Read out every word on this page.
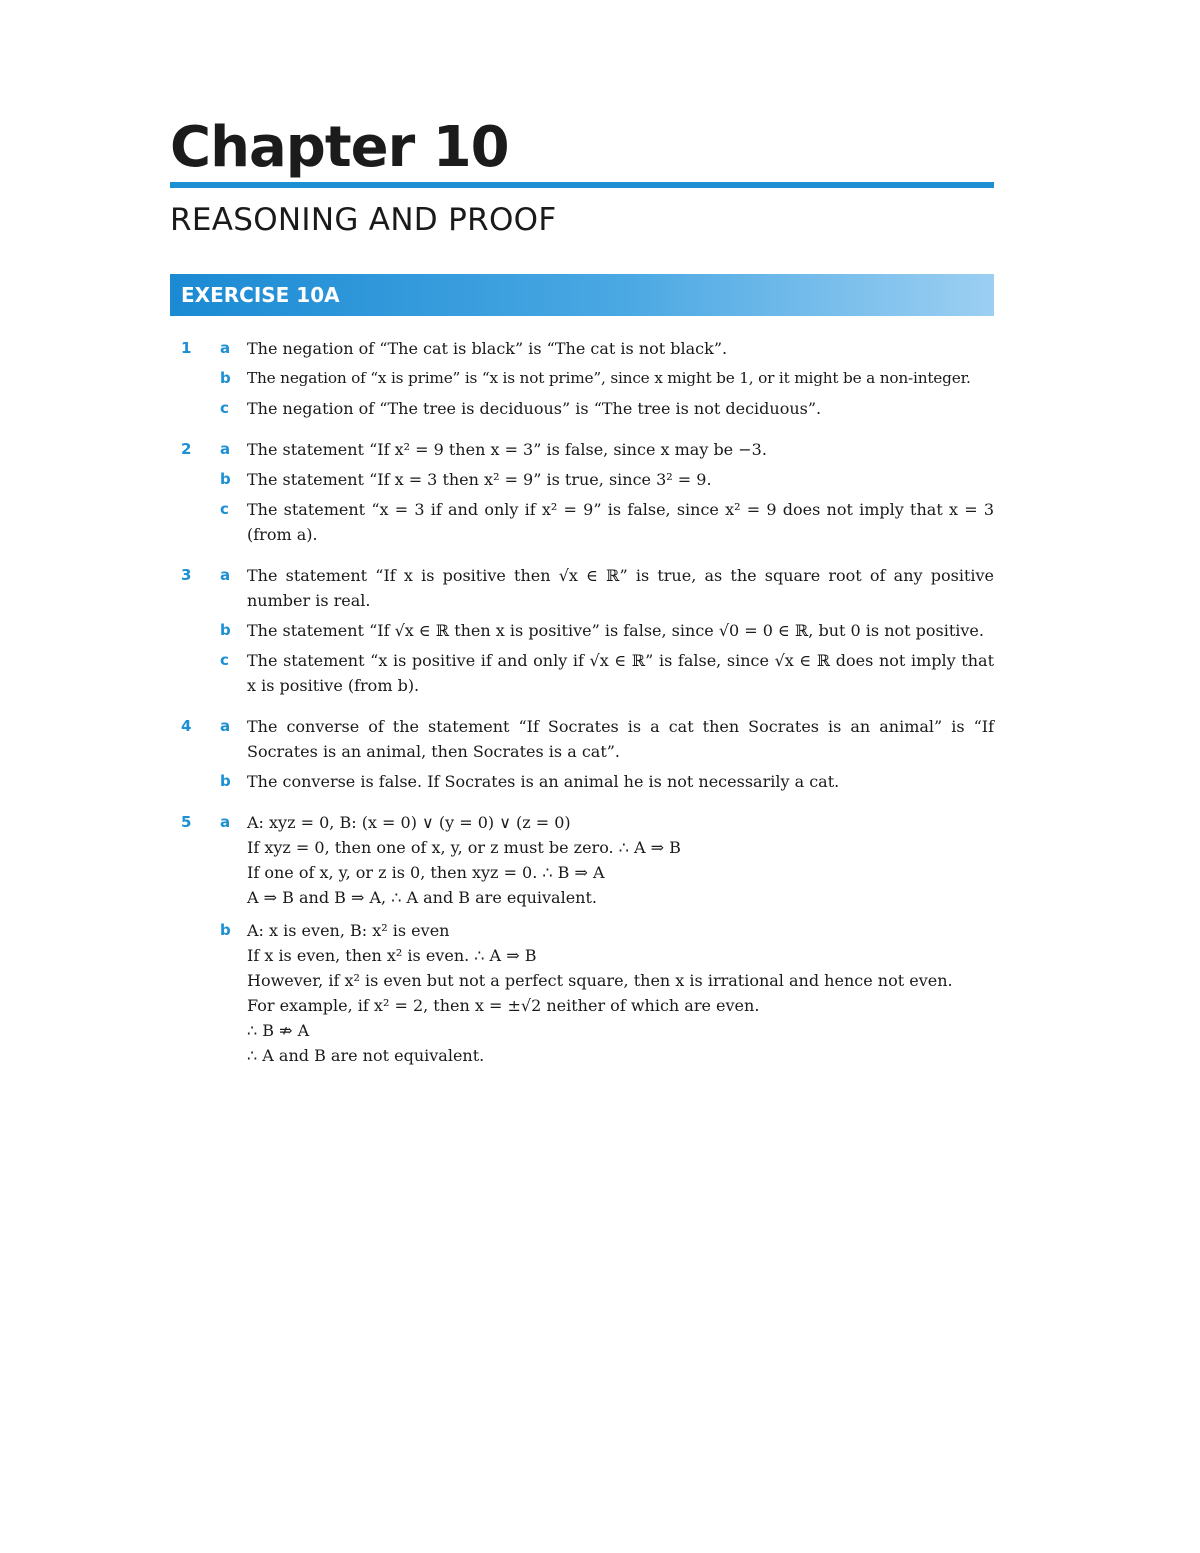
Chapter 10
REASONING AND PROOF
EXERCISE 10A
1	a	The negation of “The cat is black” is “The cat is not black”.
b	The negation of “x is prime” is “x is not prime”, since x might be 1, or it might be a non-integer.
c	The negation of “The tree is deciduous” is “The tree is not deciduous”.
2	a	The statement “If x² = 9 then x = 3” is false, since x may be −3.
b	The statement “If x = 3 then x² = 9” is true, since 3² = 9.
c	The statement “x = 3 if and only if x² = 9” is false, since x² = 9 does not imply that x = 3 (from a).
3	a	The statement “If x is positive then √x ∈ ℝ” is true, as the square root of any positive number is real.
b	The statement “If √x ∈ ℝ then x is positive” is false, since √0 = 0 ∈ ℝ, but 0 is not positive.
c	The statement “x is positive if and only if √x ∈ ℝ” is false, since √x ∈ ℝ does not imply that x is positive (from b).
4	a	The converse of the statement “If Socrates is a cat then Socrates is an animal” is “If Socrates is an animal, then Socrates is a cat”.
b	The converse is false. If Socrates is an animal he is not necessarily a cat.
5	a	A: xyz = 0, B: (x = 0) ∨ (y = 0) ∨ (z = 0)
If xyz = 0, then one of x, y, or z must be zero. ∴ A ⇒ B
If one of x, y, or z is 0, then xyz = 0. ∴ B ⇒ A
A ⇒ B and B ⇒ A, ∴ A and B are equivalent.
b	A: x is even, B: x² is even
If x is even, then x² is even. ∴ A ⇒ B
However, if x² is even but not a perfect square, then x is irrational and hence not even.
For example, if x² = 2, then x = ±√2 neither of which are even.
∴ B ⇏ A
∴ A and B are not equivalent.
